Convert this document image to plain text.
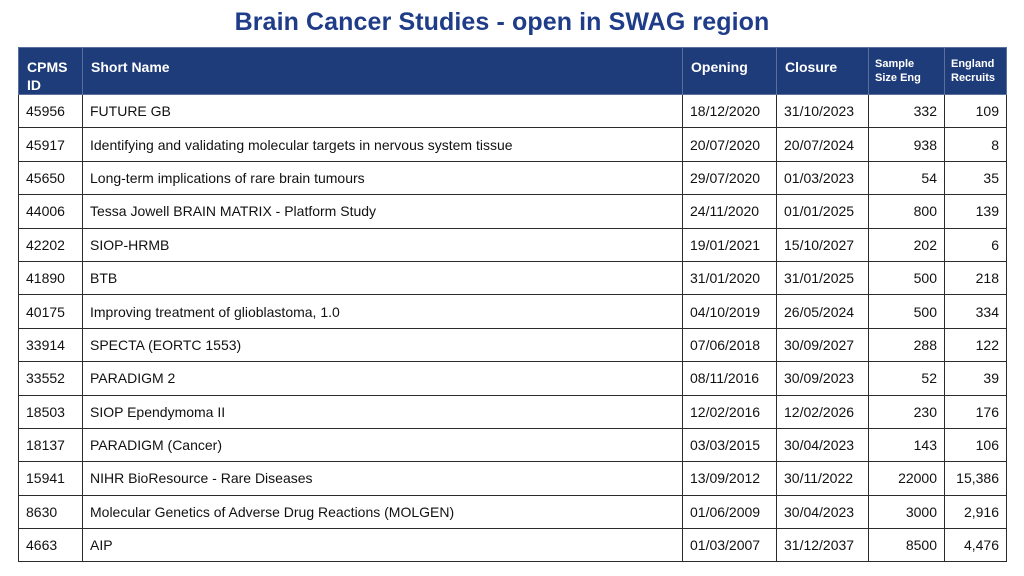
Brain Cancer Studies - open in SWAG region
CPMS ID	Short Name	Opening	Closure	Sample Size Eng	England Recruits
45956	FUTURE GB	18/12/2020	31/10/2023	332	109
45917	Identifying and validating molecular targets in nervous system tissue	20/07/2020	20/07/2024	938	8
45650	Long-term implications of rare brain tumours	29/07/2020	01/03/2023	54	35
44006	Tessa Jowell BRAIN MATRIX - Platform Study	24/11/2020	01/01/2025	800	139
42202	SIOP-HRMB	19/01/2021	15/10/2027	202	6
41890	BTB	31/01/2020	31/01/2025	500	218
40175	Improving treatment of glioblastoma, 1.0	04/10/2019	26/05/2024	500	334
33914	SPECTA (EORTC 1553)	07/06/2018	30/09/2027	288	122
33552	PARADIGM 2	08/11/2016	30/09/2023	52	39
18503	SIOP Ependymoma II	12/02/2016	12/02/2026	230	176
18137	PARADIGM (Cancer)	03/03/2015	30/04/2023	143	106
15941	NIHR BioResource - Rare Diseases	13/09/2012	30/11/2022	22000	15,386
8630	Molecular Genetics of Adverse Drug Reactions (MOLGEN)	01/06/2009	30/04/2023	3000	2,916
4663	AIP	01/03/2007	31/12/2037	8500	4,476
